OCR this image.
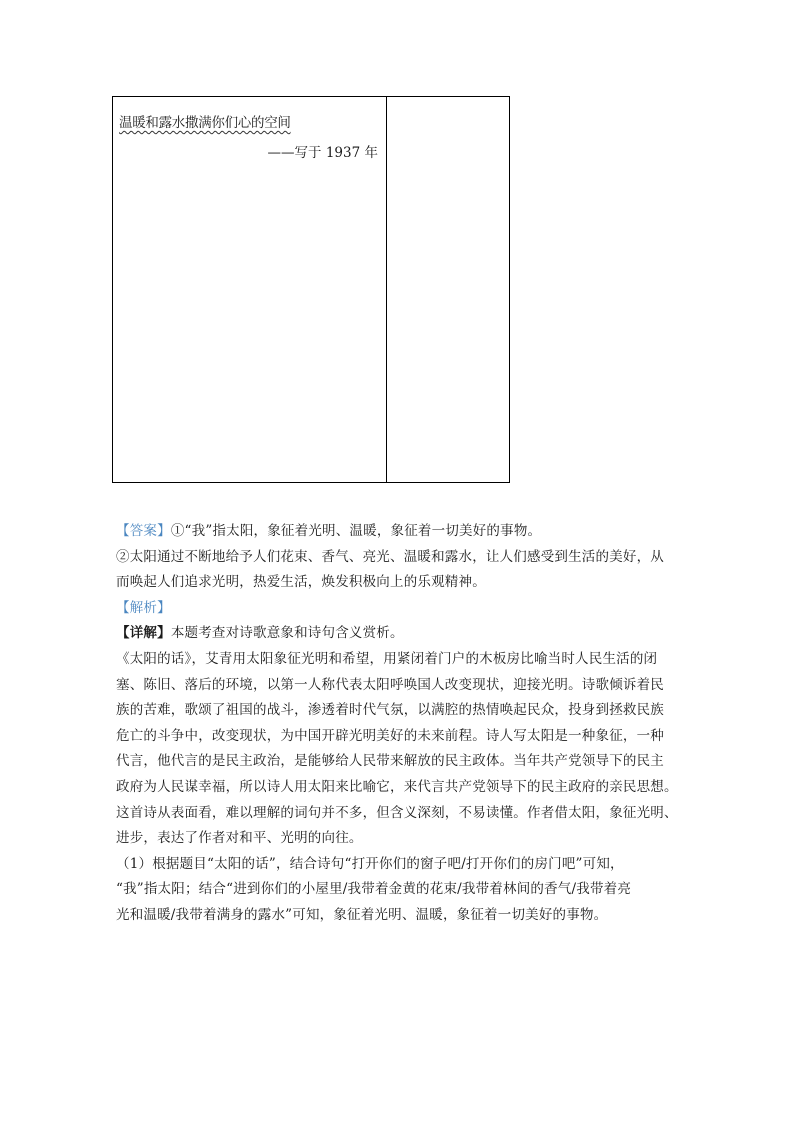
温暖和露水撒满你们心的空间
——写于 1937 年

【答案】①“我”指太阳，象征着光明、温暖，象征着一切美好的事物。

②太阳通过不断地给予人们花束、香气、亮光、温暖和露水，让人们感受到生活的美好，从

而唤起人们追求光明，热爱生活，焕发积极向上的乐观精神。

【解析】

【详解】本题考查对诗歌意象和诗句含义赏析。

《太阳的话》，艾青用太阳象征光明和希望，用紧闭着门户的木板房比喻当时人民生活的闭

塞、陈旧、落后的环境，以第一人称代表太阳呼唤国人改变现状，迎接光明。诗歌倾诉着民

族的苦难，歌颂了祖国的战斗，渗透着时代气氛，以满腔的热情唤起民众，投身到拯救民族

危亡的斗争中，改变现状，为中国开辟光明美好的未来前程。诗人写太阳是一种象征，一种

代言，他代言的是民主政治，是能够给人民带来解放的民主政体。当年共产党领导下的民主

政府为人民谋幸福，所以诗人用太阳来比喻它，来代言共产党领导下的民主政府的亲民思想。

这首诗从表面看，难以理解的词句并不多，但含义深刻，不易读懂。作者借太阳，象征光明、

进步，表达了作者对和平、光明的向往。

（1）根据题目“太阳的话”，结合诗句“打开你们的窗子吧/打开你们的房门吧”可知，

“我”指太阳；结合“进到你们的小屋里/我带着金黄的花束/我带着林间的香气/我带着亮

光和温暖/我带着满身的露水”可知，象征着光明、温暖，象征着一切美好的事物。
